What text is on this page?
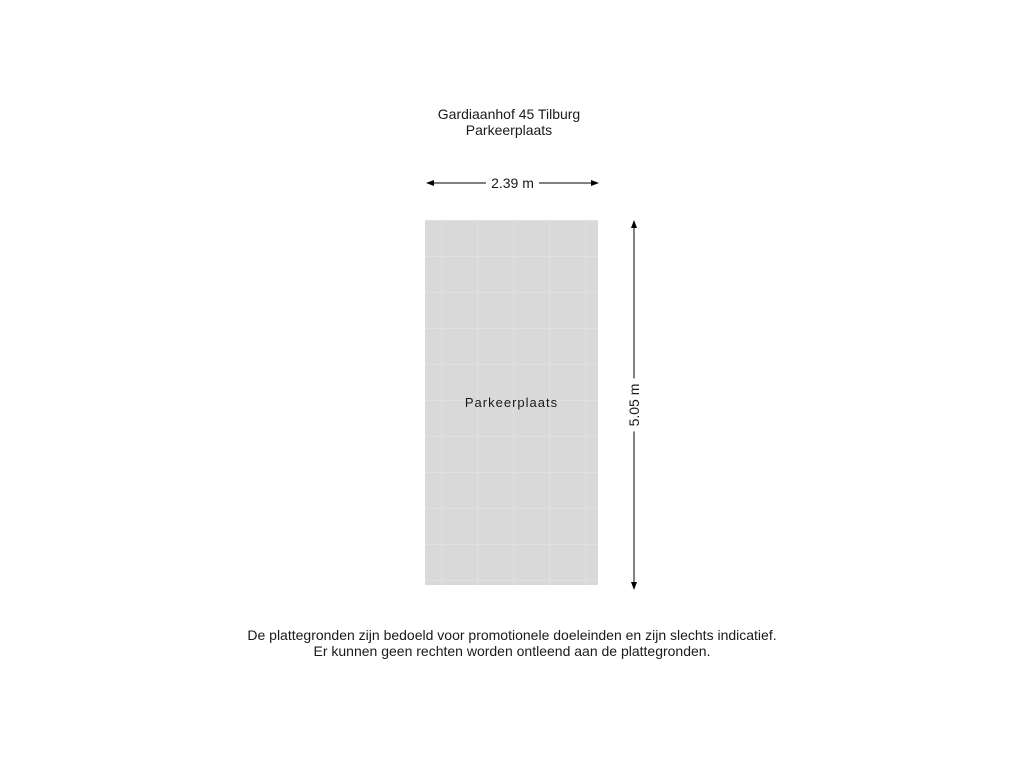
Gardiaanhof 45 Tilburg
Parkeerplaats
2.39 m
Parkeerplaats	5.05 m
De plattegronden zijn bedoeld voor promotionele doeleinden en zijn slechts indicatief.
Er kunnen geen rechten worden ontleend aan de plattegronden.
